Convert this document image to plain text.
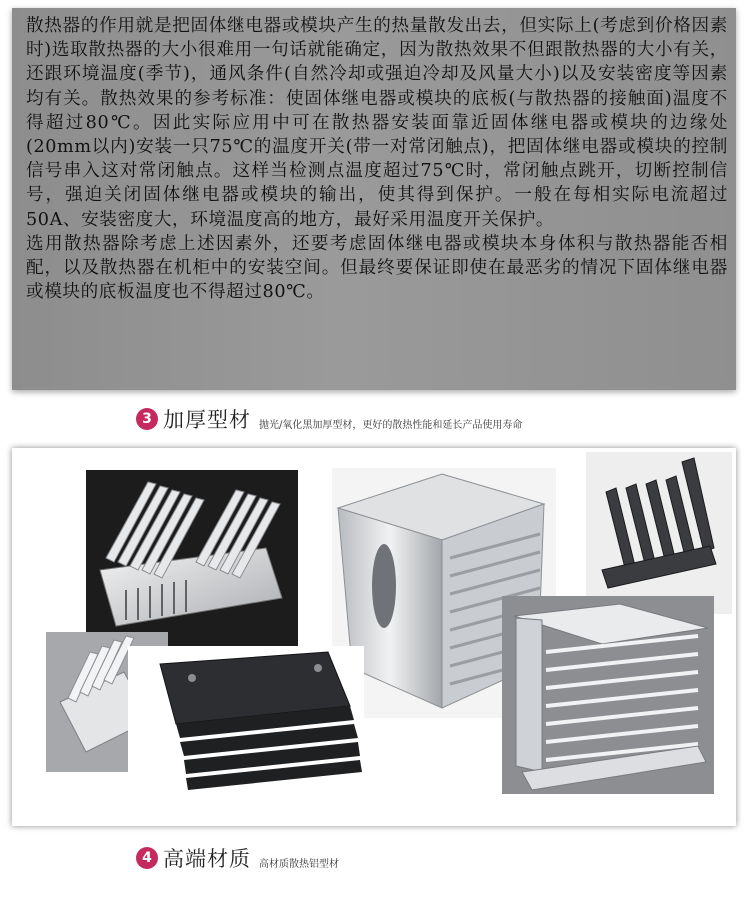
散热器的作用就是把固体继电器或模块产生的热量散发出去，但实际上(考虑到价格因素时)选取散热器的大小很难用一句话就能确定，因为散热效果不但跟散热器的大小有关，还跟环境温度(季节)，通风条件(自然冷却或强迫冷却及风量大小)以及安装密度等因素均有关。散热效果的参考标准：使固体继电器或模块的底板(与散热器的接触面)温度不得超过80℃。因此实际应用中可在散热器安装面靠近固体继电器或模块的边缘处(20mm以内)安装一只75℃的温度开关(带一对常闭触点)，把固体继电器或模块的控制信号串入这对常闭触点。这样当检测点温度超过75℃时，常闭触点跳开，切断控制信号，强迫关闭固体继电器或模块的输出，使其得到保护。一般在每相实际电流超过50A、安装密度大，环境温度高的地方，最好采用温度开关保护。

选用散热器除考虑上述因素外，还要考虑固体继电器或模块本身体积与散热器能否相配，以及散热器在机柜中的安装空间。但最终要保证即使在最恶劣的情况下固体继电器或模块的底板温度也不得超过80℃。

3 加厚型材 抛光/氧化黑加厚型材，更好的散热性能和延长产品使用寿命
4 高端材质 高材质散热铝型材
